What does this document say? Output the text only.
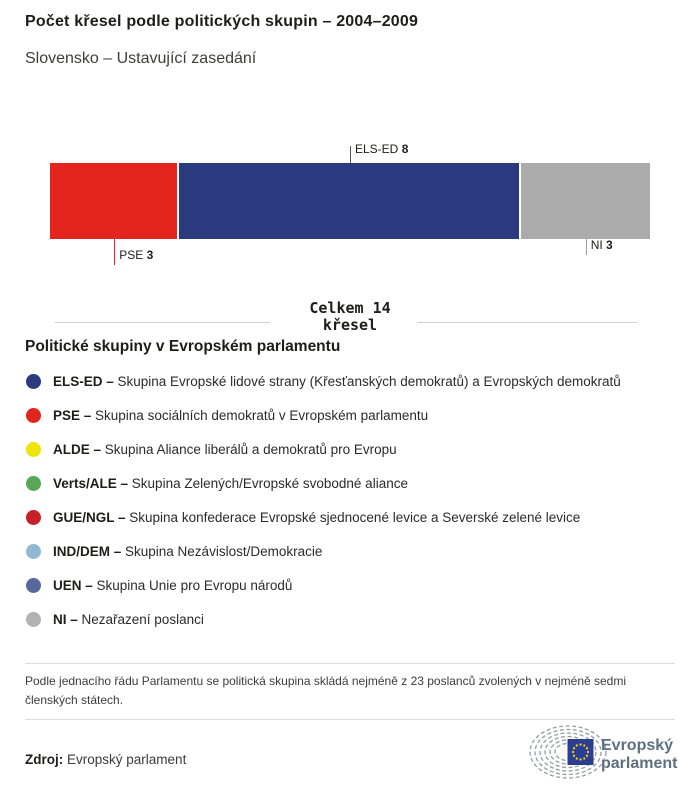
Počet křesel podle politických skupin – 2004–2009
Slovensko – Ustavující zasedání
PSE 3
ELS-ED 8
NI 3
Celkem 14
křesel
Politické skupiny v Evropském parlamentu
ELS-ED – Skupina Evropské lidové strany (Křesťanských demokratů) a Evropských demokratů
PSE – Skupina sociálních demokratů v Evropském parlamentu
ALDE – Skupina Aliance liberálů a demokratů pro Evropu
Verts/ALE – Skupina Zelených/Evropské svobodné aliance
GUE/NGL – Skupina konfederace Evropské sjednocené levice a Severské zelené levice
IND/DEM – Skupina Nezávislost/Demokracie
UEN – Skupina Unie pro Evropu národů
NI – Nezařazení poslanci

Podle jednacího řádu Parlamentu se politická skupina skládá nejméně z 23 poslanců zvolených v nejméně sedmi členských státech.

Zdroj: Evropský parlament
Evropský
parlament
